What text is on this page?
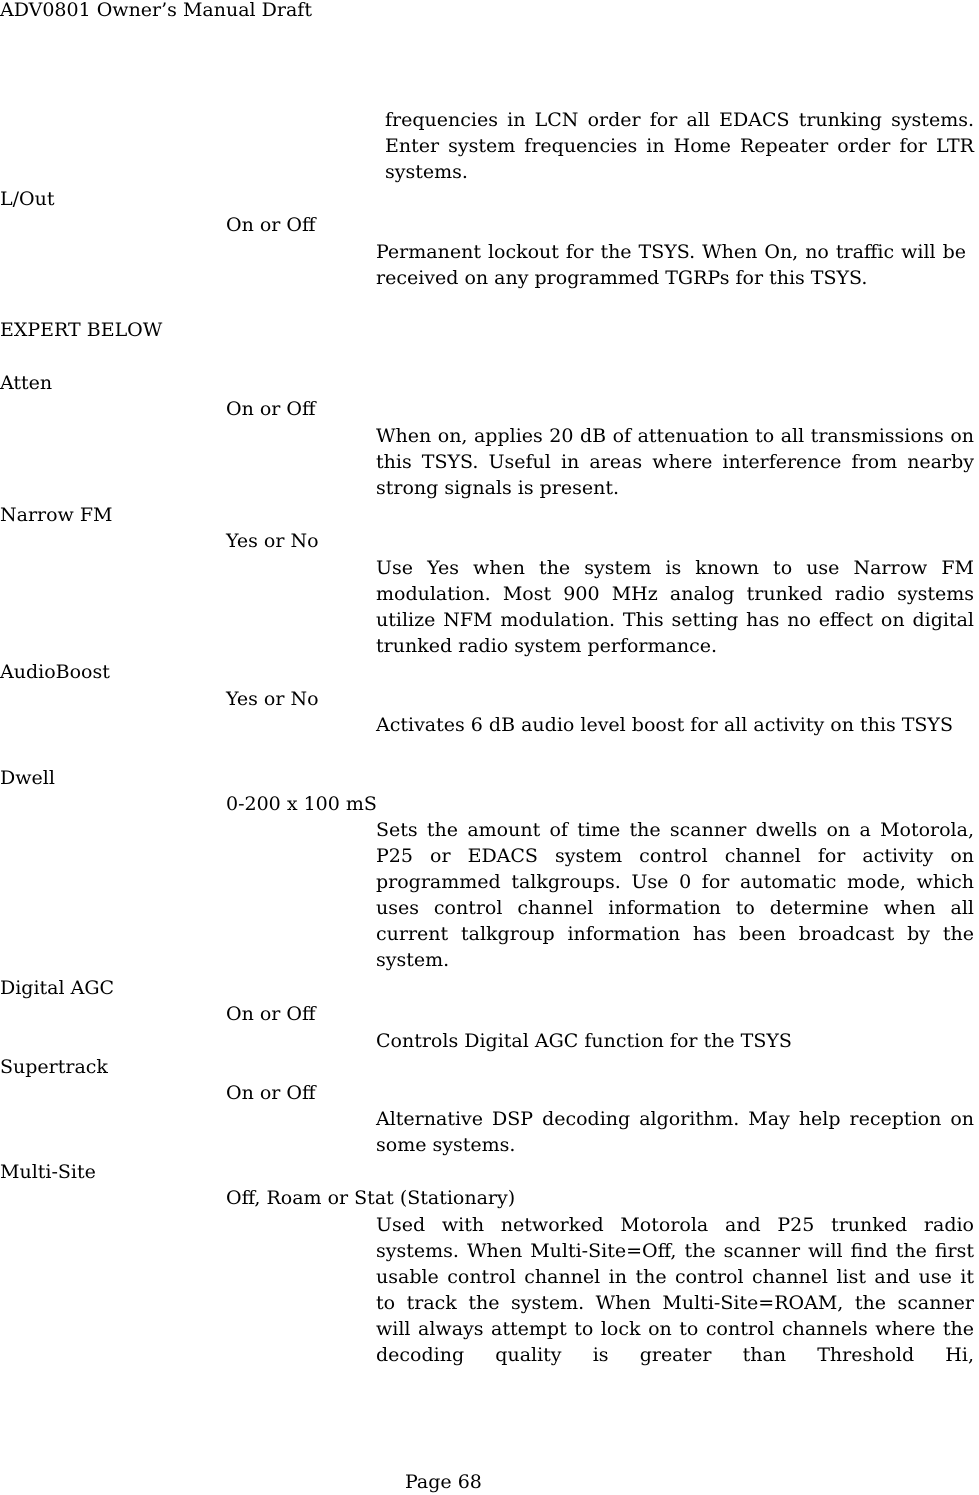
ADV0801 Owner’s Manual Draft
frequencies in LCN order for all EDACS trunking systems.
Enter system frequencies in Home Repeater order for LTR
systems.
L/Out
On or Off
Permanent lockout for the TSYS. When On, no traffic will be received on any programmed TGRPs for this TSYS.
EXPERT BELOW
Atten
On or Off
When on, applies 20 dB of attenuation to all transmissions on this TSYS. Useful in areas where interference from nearby strong signals is present.
Narrow FM
Yes or No
Use Yes when the system is known to use Narrow FM modulation. Most 900 MHz analog trunked radio systems utilize NFM modulation. This setting has no effect on digital trunked radio system performance.
AudioBoost
Yes or No
Activates 6 dB audio level boost for all activity on this TSYS
Dwell
0-200 x 100 mS
Sets the amount of time the scanner dwells on a Motorola, P25 or EDACS system control channel for activity on programmed talkgroups. Use 0 for automatic mode, which uses control channel information to determine when all current talkgroup information has been broadcast by the system.
Digital AGC
On or Off
Controls Digital AGC function for the TSYS
Supertrack
On or Off
Alternative DSP decoding algorithm. May help reception on some systems.
Multi-Site
Off, Roam or Stat (Stationary)
Used with networked Motorola and P25 trunked radio systems. When Multi-Site=Off, the scanner will find the first usable control channel in the control channel list and use it to track the system. When Multi-Site=ROAM, the scanner will always attempt to lock on to control channels where the decoding quality is greater than Threshold Hi,
Page 68
